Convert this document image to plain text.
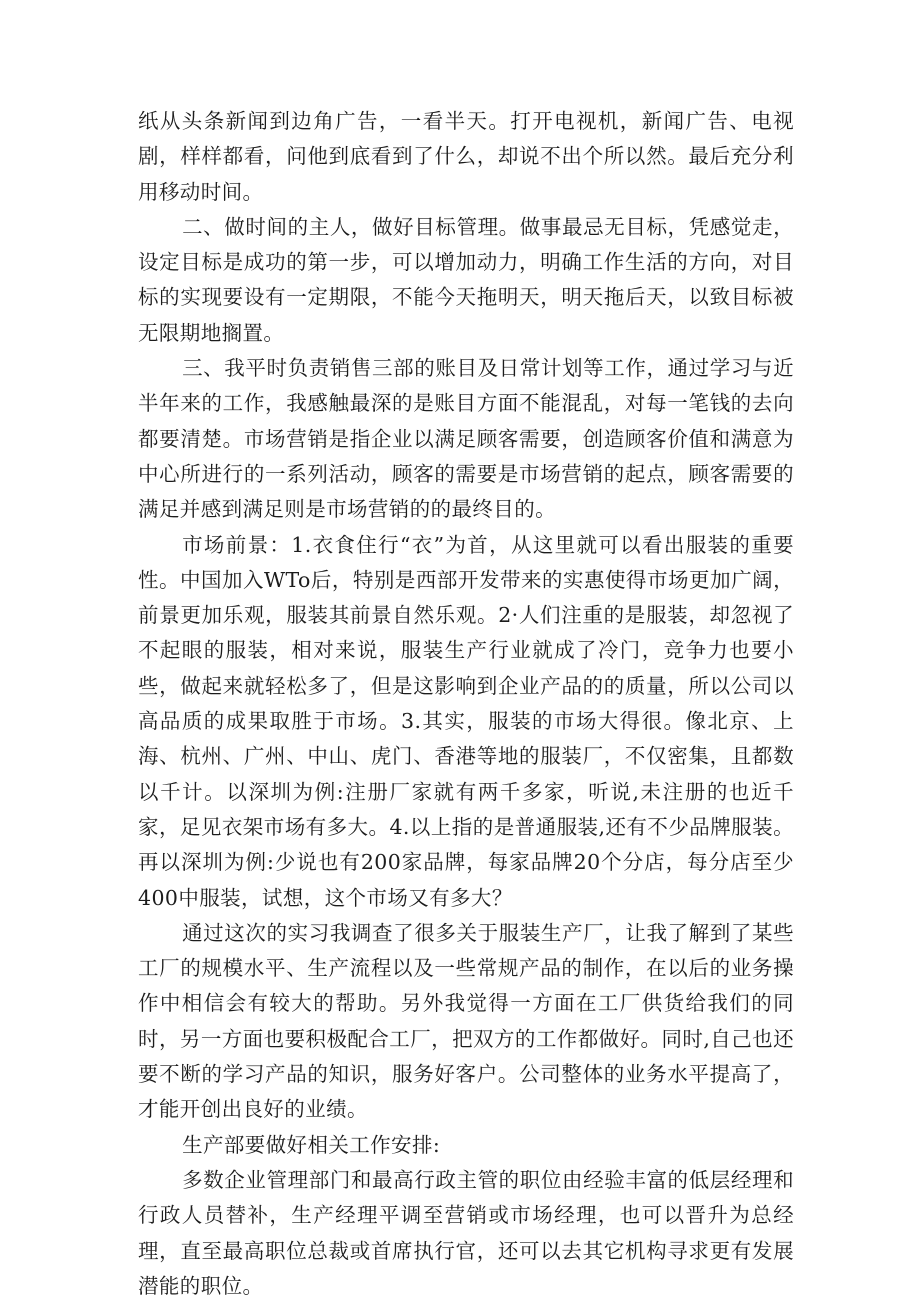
纸从头条新闻到边角广告，一看半天。打开电视机，新闻广告、电视剧，样样都看，问他到底看到了什么，却说不出个所以然。最后充分利用移动时间。

二、做时间的主人，做好目标管理。做事最忌无目标，凭感觉走，设定目标是成功的第一步，可以增加动力，明确工作生活的方向，对目标的实现要设有一定期限，不能今天拖明天，明天拖后天，以致目标被无限期地搁置。

三、我平时负责销售三部的账目及日常计划等工作，通过学习与近半年来的工作，我感触最深的是账目方面不能混乱，对每一笔钱的去向都要清楚。市场营销是指企业以满足顾客需要，创造顾客价值和满意为中心所进行的一系列活动，顾客的需要是市场营销的起点，顾客需要的满足并感到满足则是市场营销的的最终目的。

市场前景：1.衣食住行“衣”为首，从这里就可以看出服装的重要性。中国加入WTo后，特别是西部开发带来的实惠使得市场更加广阔，前景更加乐观，服装其前景自然乐观。2·人们注重的是服装，却忽视了不起眼的服装，相对来说，服装生产行业就成了冷门，竞争力也要小些，做起来就轻松多了，但是这影响到企业产品的的质量，所以公司以高品质的成果取胜于市场。3.其实，服装的市场大得很。像北京、上海、杭州、广州、中山、虎门、香港等地的服装厂，不仅密集，且都数以千计。以深圳为例:注册厂家就有两千多家，听说,未注册的也近千家，足见衣架市场有多大。4.以上指的是普通服装,还有不少品牌服装。再以深圳为例:少说也有200家品牌，每家品牌20个分店，每分店至少400中服装，试想，这个市场又有多大？

通过这次的实习我调查了很多关于服装生产厂，让我了解到了某些工厂的规模水平、生产流程以及一些常规产品的制作，在以后的业务操作中相信会有较大的帮助。另外我觉得一方面在工厂供货给我们的同时，另一方面也要积极配合工厂，把双方的工作都做好。同时,自己也还要不断的学习产品的知识，服务好客户。公司整体的业务水平提高了，才能开创出良好的业绩。

生产部要做好相关工作安排:

多数企业管理部门和最高行政主管的职位由经验丰富的低层经理和行政人员替补，生产经理平调至营销或市场经理，也可以晋升为总经理，直至最高职位总裁或首席执行官，还可以去其它机构寻求更有发展潜能的职位。
